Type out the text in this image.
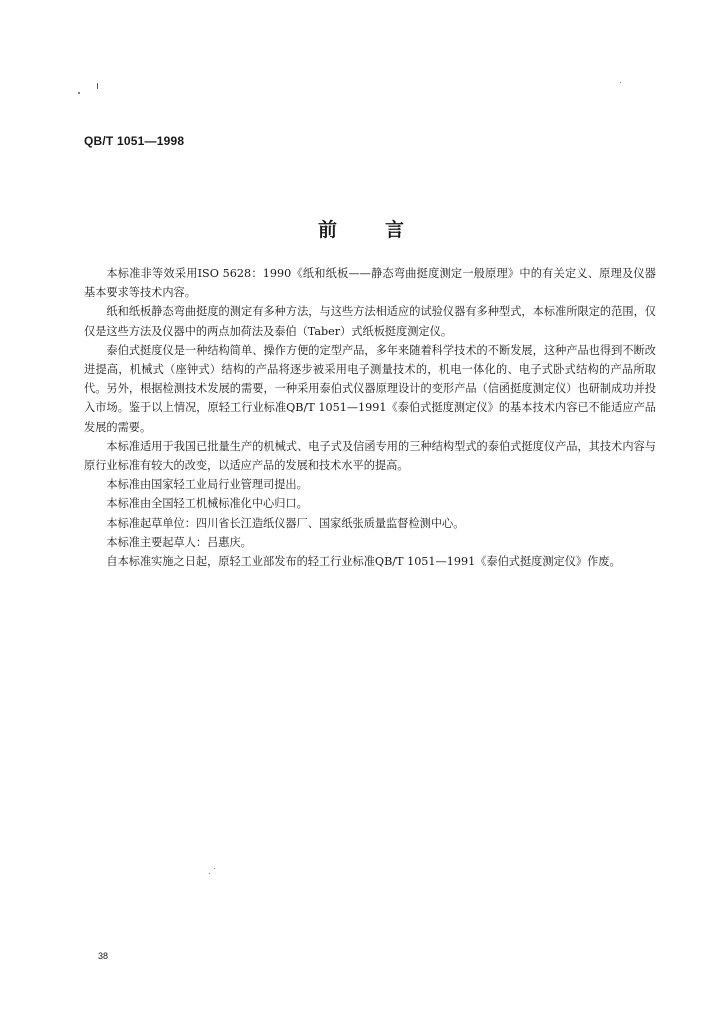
QB/T 1051—1998
前言

本标准非等效采用ISO 5628：1990《纸和纸板——静态弯曲挺度测定一般原理》中的有关定义、原理及仪器基本要求等技术内容。

纸和纸板静态弯曲挺度的测定有多种方法，与这些方法相适应的试验仪器有多种型式，本标准所限定的范围，仅仅是这些方法及仪器中的两点加荷法及泰伯（Taber）式纸板挺度测定仪。

泰伯式挺度仪是一种结构简单、操作方便的定型产品，多年来随着科学技术的不断发展，这种产品也得到不断改进提高，机械式（座钟式）结构的产品将逐步被采用电子测量技术的，机电一体化的、电子式卧式结构的产品所取代。另外，根据检测技术发展的需要，一种采用泰伯式仪器原理设计的变形产品（信函挺度测定仪）也研制成功并投入市场。鉴于以上情况，原轻工行业标准QB/T 1051—1991《泰伯式挺度测定仪》的基本技术内容已不能适应产品发展的需要。

本标准适用于我国已批量生产的机械式、电子式及信函专用的三种结构型式的泰伯式挺度仪产品，其技术内容与原行业标准有较大的改变，以适应产品的发展和技术水平的提高。

本标准由国家轻工业局行业管理司提出。

本标准由全国轻工机械标准化中心归口。

本标准起草单位：四川省长江造纸仪器厂、国家纸张质量监督检测中心。

本标准主要起草人：吕惠庆。

自本标准实施之日起，原轻工业部发布的轻工行业标准QB/T 1051—1991《泰伯式挺度测定仪》作废。

38
